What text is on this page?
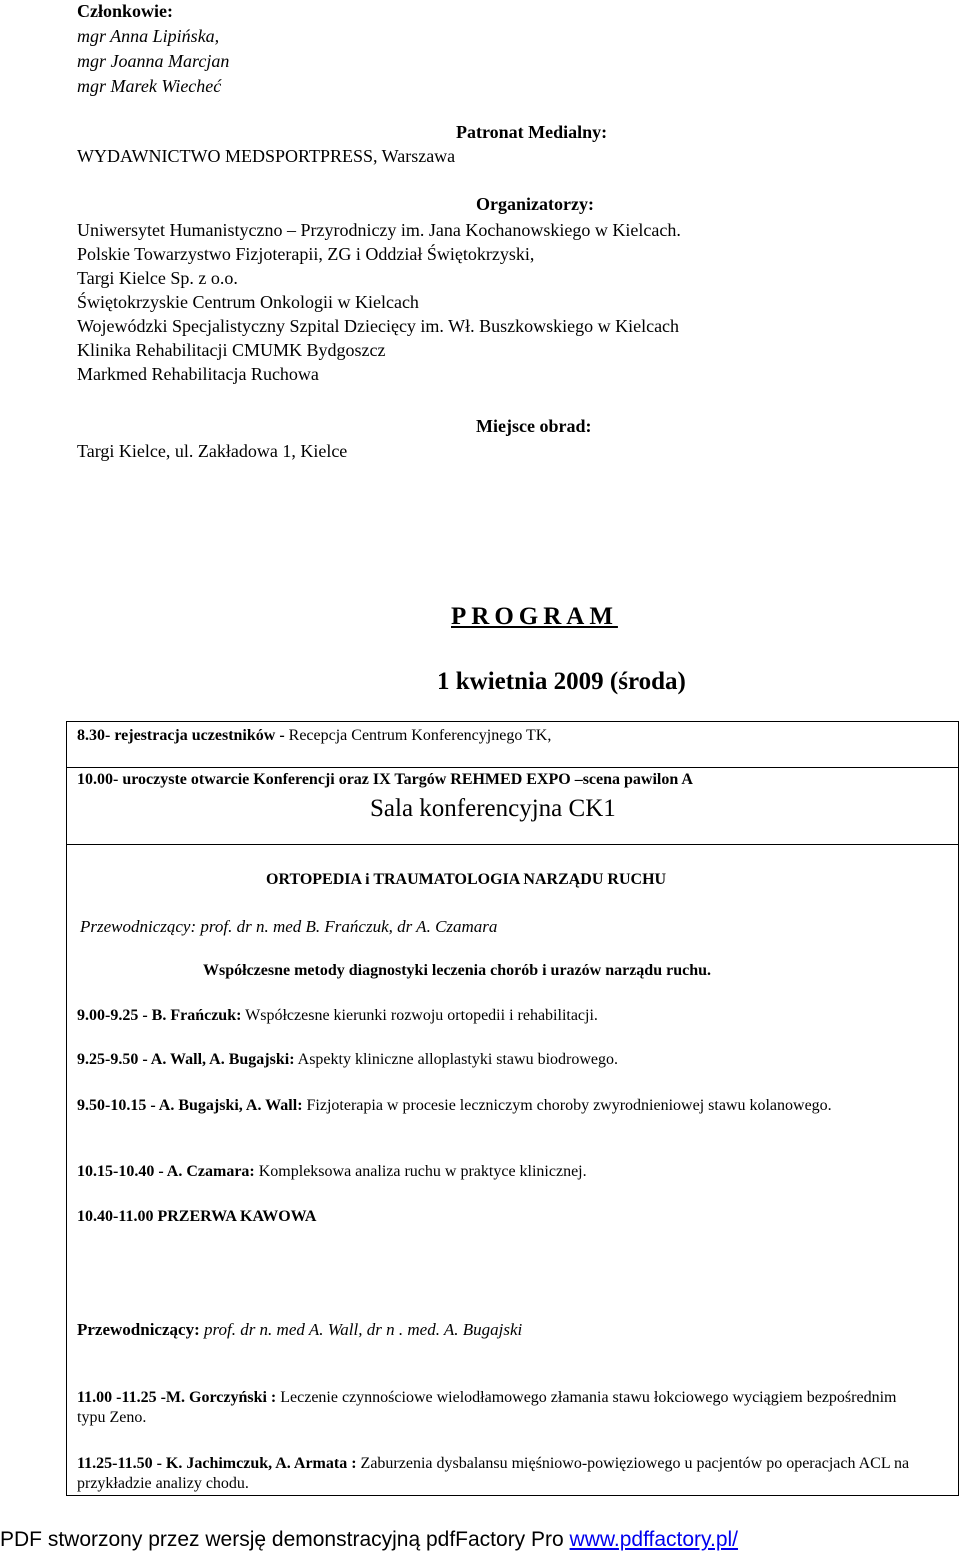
Członkowie:
mgr Anna Lipińska,
mgr Joanna Marcjan
mgr Marek Wiecheć
Patronat Medialny:
WYDAWNICTWO MEDSPORTPRESS, Warszawa
Organizatorzy:
Uniwersytet Humanistyczno – Przyrodniczy im. Jana Kochanowskiego w Kielcach.
Polskie Towarzystwo Fizjoterapii, ZG i Oddział Świętokrzyski,
Targi Kielce Sp. z o.o.
Świętokrzyskie Centrum Onkologii w Kielcach
Wojewódzki Specjalistyczny Szpital Dziecięcy im. Wł. Buszkowskiego w Kielcach
Klinika Rehabilitacji CMUMK Bydgoszcz
Markmed Rehabilitacja Ruchowa
Miejsce obrad:
Targi Kielce, ul. Zakładowa 1, Kielce
PROGRAM
1 kwietnia 2009 (środa)
8.30- rejestracja uczestników - Recepcja Centrum Konferencyjnego TK,
10.00- uroczyste otwarcie Konferencji oraz IX Targów REHMED EXPO –scena pawilon A
Sala konferencyjna CK1
ORTOPEDIA i TRAUMATOLOGIA NARZĄDU RUCHU
Przewodniczący: prof. dr n. med B. Frańczuk, dr A. Czamara
Współczesne metody diagnostyki leczenia chorób i urazów narządu ruchu.
9.00-9.25 - B. Frańczuk: Współczesne kierunki rozwoju ortopedii i rehabilitacji.
9.25-9.50 - A. Wall, A. Bugajski: Aspekty kliniczne alloplastyki stawu biodrowego.
9.50-10.15 - A. Bugajski, A. Wall: Fizjoterapia w procesie leczniczym choroby zwyrodnieniowej stawu kolanowego.
10.15-10.40 - A. Czamara: Kompleksowa analiza ruchu w praktyce klinicznej.
10.40-11.00 PRZERWA KAWOWA
Przewodniczący: prof. dr n. med A. Wall, dr n . med. A. Bugajski
11.00 -11.25 -M. Gorczyński : Leczenie czynnościowe wielodłamowego złamania stawu łokciowego wyciągiem bezpośrednim typu Zeno.
11.25-11.50 - K. Jachimczuk, A. Armata : Zaburzenia dysbalansu mięśniowo-powięziowego u pacjentów po operacjach ACL na przykładzie analizy chodu.
PDF stworzony przez wersję demonstracyjną pdfFactory Pro www.pdffactory.pl/
